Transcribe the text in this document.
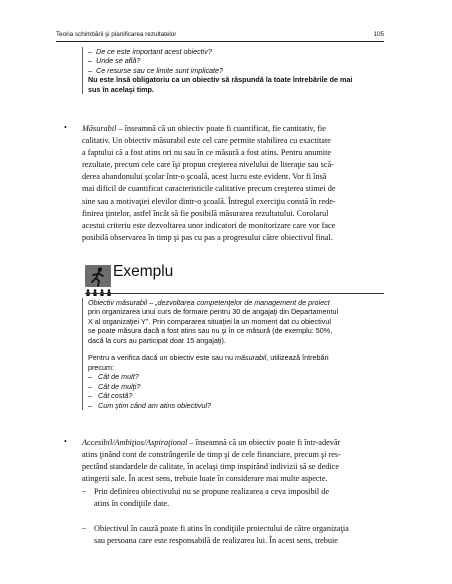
Teoria schimbării şi planificarea rezultatelor	105
– De ce este important acest obiectiv?
– Unde se află?
– Ce resurse sau ce limite sunt implicate?
Nu este însă obligatoriu ca un obiectiv să răspundă la toate întrebările de mai
sus în acelaşi timp.
• Măsurabil – înseamnă că un obiectiv poate fi cuantificat, fie cantitativ, fie
calitativ. Un obiectiv măsurabil este cel care permite stabilirea cu exactitate
a faptului că a fost atins ori nu sau în ce măsură a fost atins. Pentru anumite
rezultate, precum cele care îşi propun creşterea nivelului de literaţie sau scă-
derea abandonului şcolar într-o şcoală, acest lucru este evident. Vor fi însă
mai dificil de cuantificat caracteristicile calitative precum creşterea stimei de
sine sau a motivaţiei elevilor dintr-o şcoală. Întregul exerciţiu constă în rede-
finirea ţintelor, astfel încât să fie posibilă măsurarea rezultatului. Corolarul
acestui criteriu este dezvoltarea unor indicatori de monitorizare care vor face
posibilă observarea în timp şi pas cu pas a progresului către obiectivul final.
Exemplu
Obiectiv măsurabil – „dezvoltarea competenţelor de management de proiect
prin organizarea unui curs de formare pentru 30 de angajaţi din Departamentul
X al organizaţiei Y". Prin compararea situaţiei la un moment dat cu obiectivul
se poate măsura dacă a fost atins sau nu şi în ce măsură (de exemplu: 50%,
dacă la curs au participat doar 15 angajaţi).
Pentru a verifica dacă un obiectiv este sau nu măsurabil, utilizează întrebări
precum:
– Cât de mult?
– Cât de mulţi?
– Cât costă?
– Cum ştim când am atins obiectivul?
• Accesibil/Ambiţios/Aspiraţional – înseamnă că un obiectiv poate fi într-adevăr
atins ţinând cont de constrângerile de timp şi de cele financiare, precum şi res-
pectând standardele de calitate, în acelaşi timp inspirând indivizii să se dedice
atingerii sale. În acest sens, trebuie luate în considerare mai multe aspecte.
– Prin definirea obiectivului nu se propune realizarea a ceva imposibil de
atins în condiţiile date.
– Obiectivul în cauză poate fi atins în condiţiile proiectului de către organizaţia
sau persoana care este responsabilă de realizarea lui. În acest sens, trebuie
